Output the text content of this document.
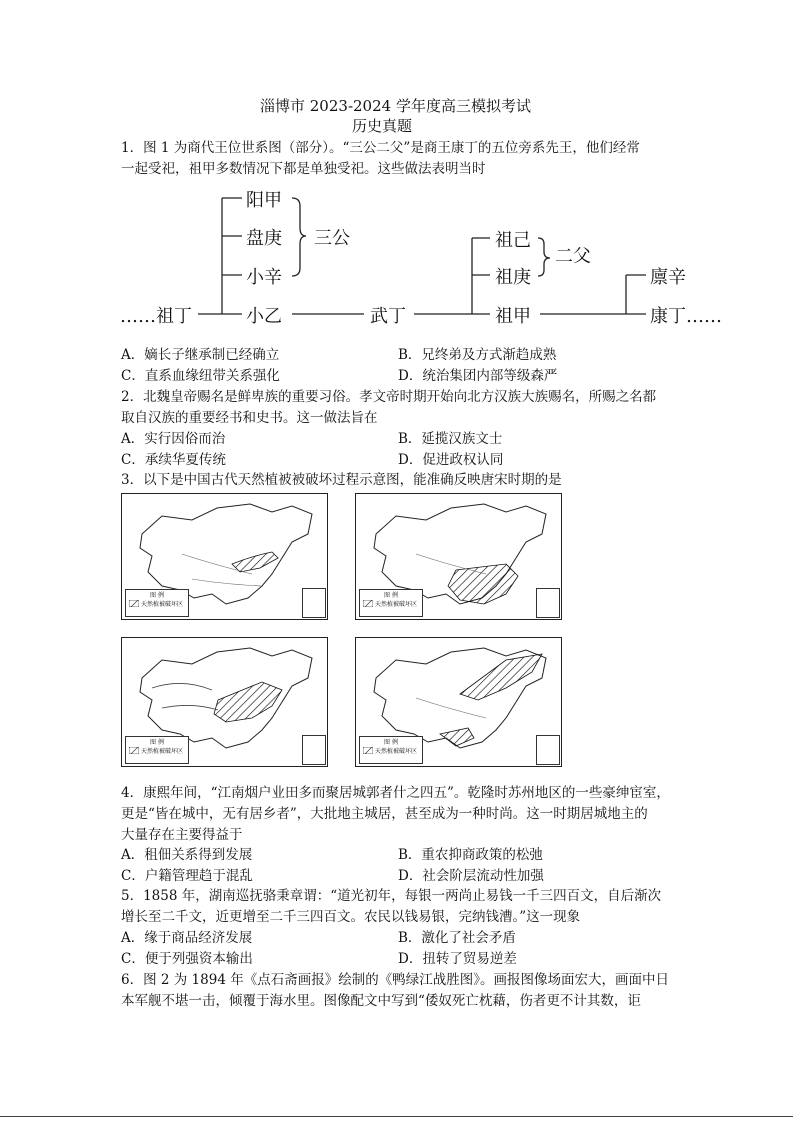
淄博市 2023-2024 学年度高三模拟考试
历史真题
1．图 1 为商代王位世系图（部分）。“三公二父”是商王康丁的五位旁系先王，他们经常
一起受祀，祖甲多数情况下都是单独受祀。这些做法表明当时
阳甲
盘庚
小辛
小乙
三公
……祖丁	武丁
祖己
祖庚
祖甲
二父
廪辛
康丁……
A．嫡长子继承制已经确立	B．兄终弟及方式渐趋成熟
C．直系血缘纽带关系强化	D．统治集团内部等级森严
2．北魏皇帝赐名是鲜卑族的重要习俗。孝文帝时期开始向北方汉族大族赐名，所赐之名都
取自汉族的重要经书和史书。这一做法旨在
A．实行因俗而治	B．延揽汉族文士
C．承续华夏传统	D．促进政权认同
3．以下是中国古代天然植被被破坏过程示意图，能准确反映唐宋时期的是
图 例
天然植被破坏区
图 例
天然植被破坏区
图 例
天然植被破坏区
图 例
天然植被破坏区
4．康熙年间，“江南烟户业田多而聚居城郭者什之四五”。乾隆时苏州地区的一些豪绅宦室，
更是“皆在城中，无有居乡者”，大批地主城居，甚至成为一种时尚。这一时期居城地主的
大量存在主要得益于
A．租佃关系得到发展	B．重农抑商政策的松弛
C．户籍管理趋于混乱	D．社会阶层流动性加强
5．1858 年，湖南巡抚骆秉章谓：“道光初年，每银一两尚止易钱一千三四百文，自后渐次
增长至二千文，近更增至二千三四百文。农民以钱易银，完纳钱漕。”这一现象
A．缘于商品经济发展	B．激化了社会矛盾
C．便于列强资本输出	D．扭转了贸易逆差
6．图 2 为 1894 年《点石斋画报》绘制的《鸭绿江战胜图》。画报图像场面宏大，画面中日
本军舰不堪一击，倾覆于海水里。图像配文中写到“倭奴死亡枕藉，伤者更不计其数，讵
